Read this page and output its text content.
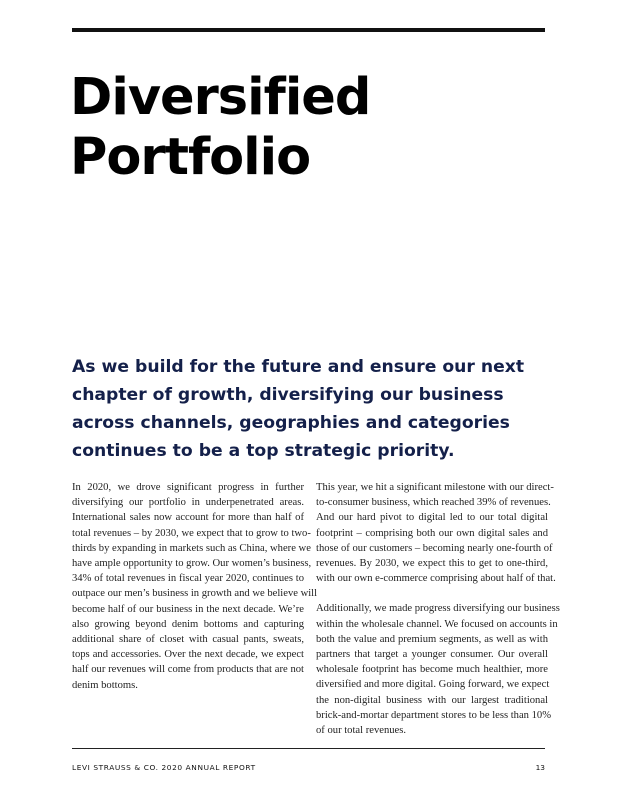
Diversified
Portfolio
As we build for the future and ensure our next
chapter of growth, diversifying our business
across channels, geographies and categories
continues to be a top strategic priority.

In 2020, we drove significant progress in further
diversifying our portfolio in underpenetrated areas.
International sales now account for more than half of
total revenues – by 2030, we expect that to grow to two-
thirds by expanding in markets such as China, where we
have ample opportunity to grow. Our women’s business,
34% of total revenues in fiscal year 2020, continues to
outpace our men’s business in growth and we believe will
become half of our business in the next decade. We’re
also growing beyond denim bottoms and capturing
additional share of closet with casual pants, sweats,
tops and accessories. Over the next decade, we expect
half our revenues will come from products that are not
denim bottoms.

This year, we hit a significant milestone with our direct-
to-consumer business, which reached 39% of revenues.
And our hard pivot to digital led to our total digital
footprint – comprising both our own digital sales and
those of our customers – becoming nearly one-fourth of
revenues. By 2030, we expect this to get to one-third,
with our own e-commerce comprising about half of that.

Additionally, we made progress diversifying our business
within the wholesale channel. We focused on accounts in
both the value and premium segments, as well as with
partners that target a younger consumer. Our overall
wholesale footprint has become much healthier, more
diversified and more digital. Going forward, we expect
the non-digital business with our largest traditional
brick-and-mortar department stores to be less than 10%
of our total revenues.

LEVI STRAUSS & CO. 2020 ANNUAL REPORT	13
